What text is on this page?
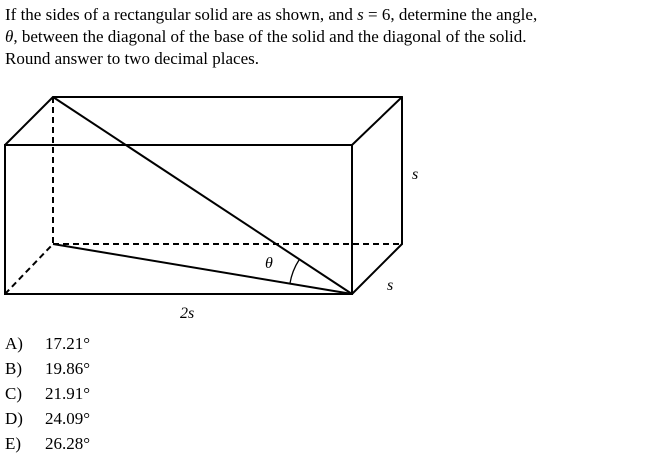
If the sides of a rectangular solid are as shown, and s = 6, determine the angle,
θ, between the diagonal of the base of the solid and the diagonal of the solid.
Round answer to two decimal places.
s
s
2s
θ
A)	17.21°
B)	19.86°
C)	21.91°
D)	24.09°
E)	26.28°
